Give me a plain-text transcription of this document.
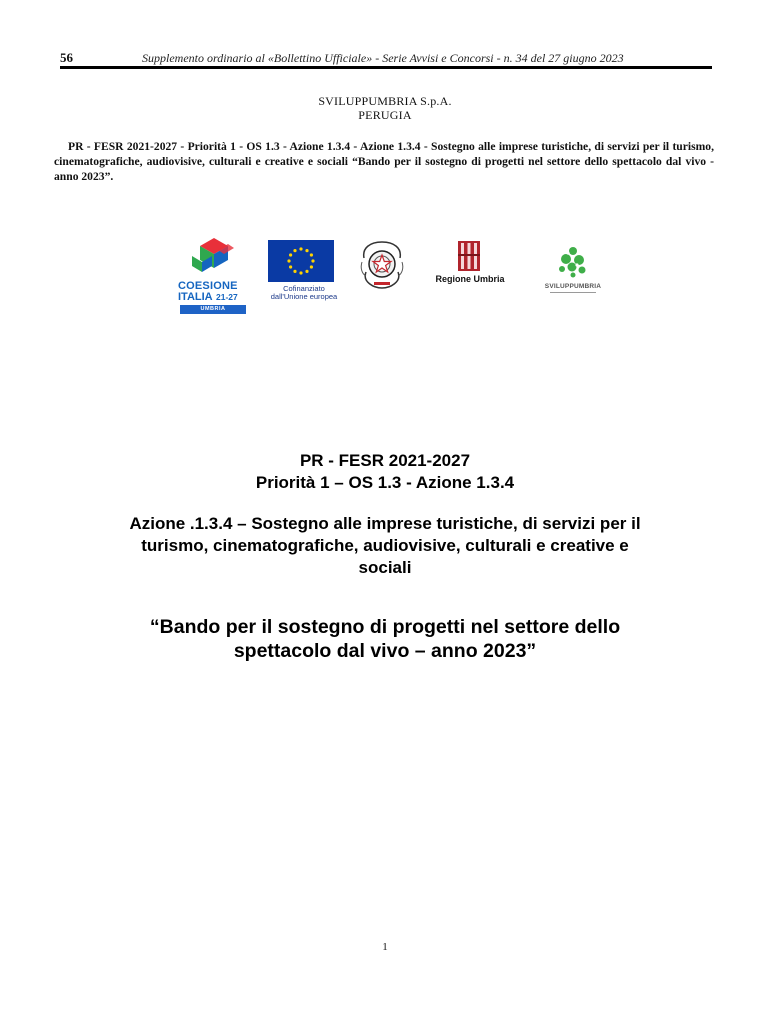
56	Supplemento ordinario al «Bollettino Ufficiale» - Serie Avvisi e Concorsi - n. 34 del 27 giugno 2023
SVILUPPUMBRIA S.p.A.
PERUGIA
PR - FESR 2021-2027 - Priorità 1 - OS 1.3 - Azione 1.3.4 - Azione 1.3.4 - Sostegno alle imprese turistiche, di servizi per il turismo, cinematografiche, audiovisive, culturali e creative e sociali “Bando per il sostegno di progetti nel settore dello spettacolo dal vivo - anno 2023”.
COESIONE
ITALIA 21-27
UMBRIA
Cofinanziato
dall'Unione europea
Regione Umbria
SVILUPPUMBRIA
PR - FESR 2021-2027
Priorità 1 – OS 1.3 - Azione 1.3.4
Azione .1.3.4 – Sostegno alle imprese turistiche, di servizi per il
turismo, cinematografiche, audiovisive, culturali e creative e
sociali
“Bando per il sostegno di progetti nel settore dello
spettacolo dal vivo – anno 2023”
1
